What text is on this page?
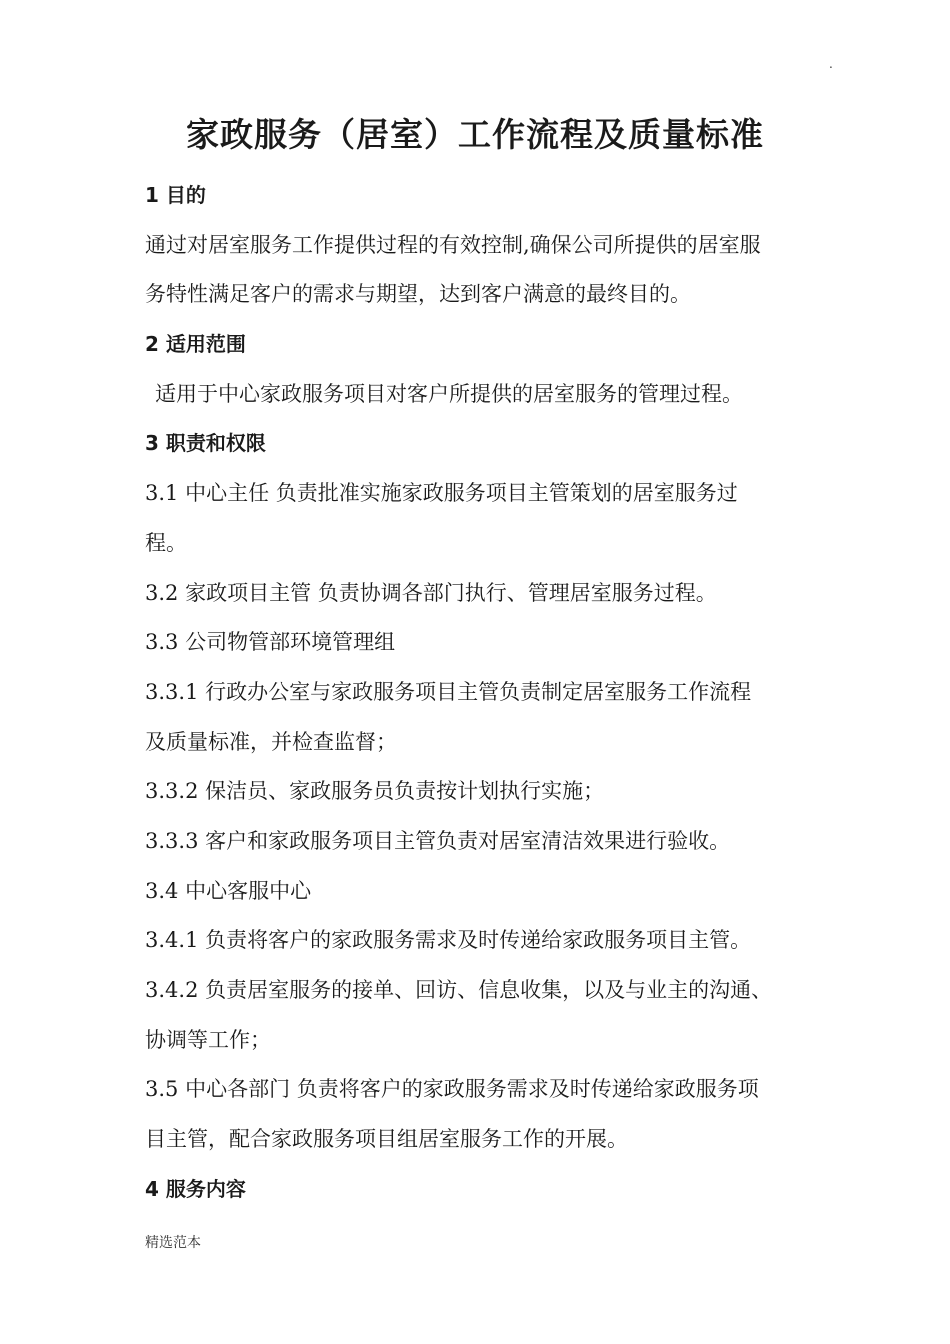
.
家政服务（居室）工作流程及质量标准
1 目的
通过对居室服务工作提供过程的有效控制,确保公司所提供的居室服
务特性满足客户的需求与期望，达到客户满意的最终目的。
2 适用范围
适用于中心家政服务项目对客户所提供的居室服务的管理过程。
3 职责和权限
3.1 中心主任 负责批准实施家政服务项目主管策划的居室服务过
程。
3.2 家政项目主管 负责协调各部门执行、管理居室服务过程。
3.3 公司物管部环境管理组
3.3.1 行政办公室与家政服务项目主管负责制定居室服务工作流程
及质量标准，并检查监督；
3.3.2 保洁员、家政服务员负责按计划执行实施；
3.3.3 客户和家政服务项目主管负责对居室清洁效果进行验收。
3.4 中心客服中心
3.4.1 负责将客户的家政服务需求及时传递给家政服务项目主管。
3.4.2 负责居室服务的接单、回访、信息收集，以及与业主的沟通、
协调等工作；
3.5 中心各部门 负责将客户的家政服务需求及时传递给家政服务项
目主管，配合家政服务项目组居室服务工作的开展。
4 服务内容
精选范本
